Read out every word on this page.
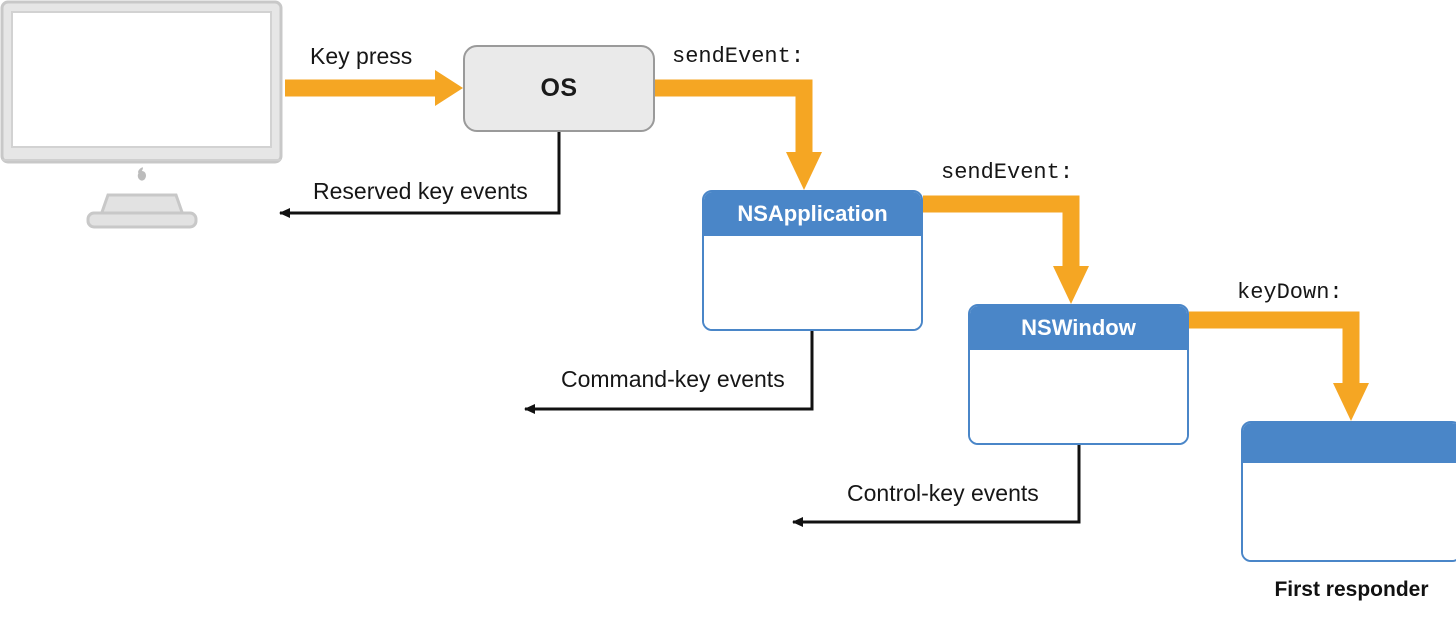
OS
NSApplication
NSWindow
First responder
Key press	sendEvent:
sendEvent:
keyDown:
Reserved key events
Command-key events
Control-key events
